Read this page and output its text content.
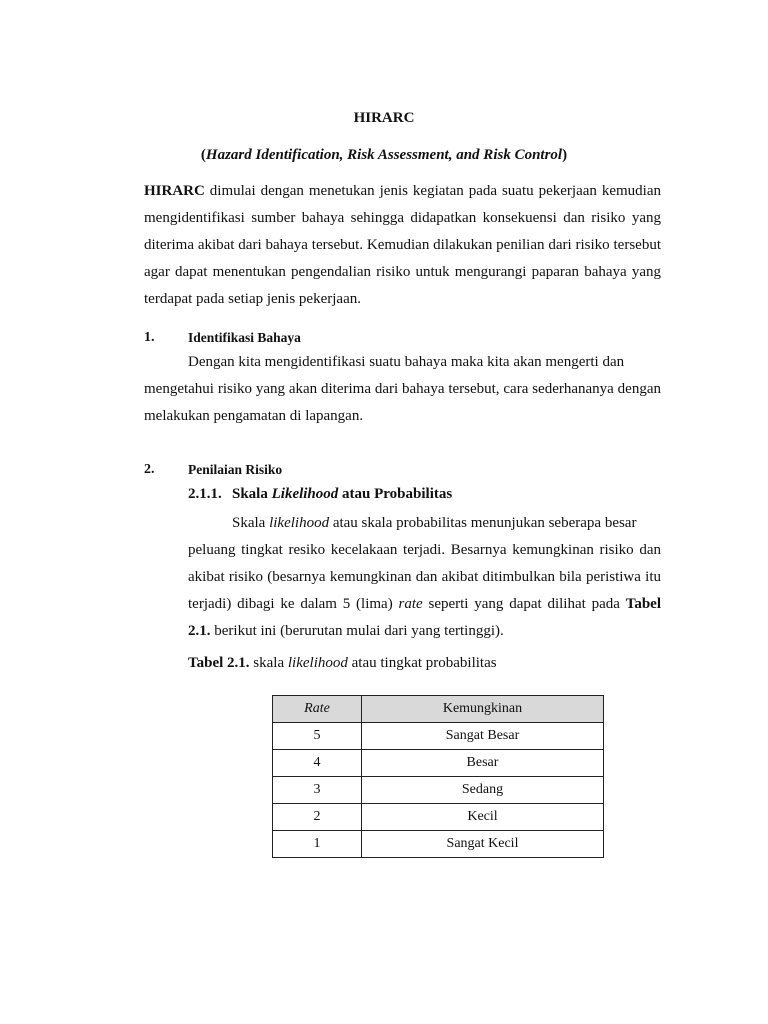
HIRARC
(Hazard Identification, Risk Assessment, and Risk Control)
HIRARC dimulai dengan menetukan jenis kegiatan pada suatu pekerjaan kemudian mengidentifikasi sumber bahaya sehingga didapatkan konsekuensi dan risiko yang diterima akibat dari bahaya tersebut. Kemudian dilakukan penilian dari risiko tersebut agar dapat menentukan pengendalian risiko untuk mengurangi paparan bahaya yang terdapat pada setiap jenis pekerjaan.
1. Identifikasi Bahaya
Dengan kita mengidentifikasi suatu bahaya maka kita akan mengerti dan
mengetahui risiko yang akan diterima dari bahaya tersebut, cara sederhananya dengan melakukan pengamatan di lapangan.
2. Penilaian Risiko
2.1.1. Skala Likelihood atau Probabilitas
Skala likelihood atau skala probabilitas menunjukan seberapa besar
peluang tingkat resiko kecelakaan terjadi. Besarnya kemungkinan risiko dan akibat risiko (besarnya kemungkinan dan akibat ditimbulkan bila peristiwa itu terjadi) dibagi ke dalam 5 (lima) rate seperti yang dapat dilihat pada Tabel 2.1. berikut ini (berurutan mulai dari yang tertinggi).
Tabel 2.1. skala likelihood atau tingkat probabilitas
Rate	Kemungkinan
5	Sangat Besar
4	Besar
3	Sedang
2	Kecil
1	Sangat Kecil
